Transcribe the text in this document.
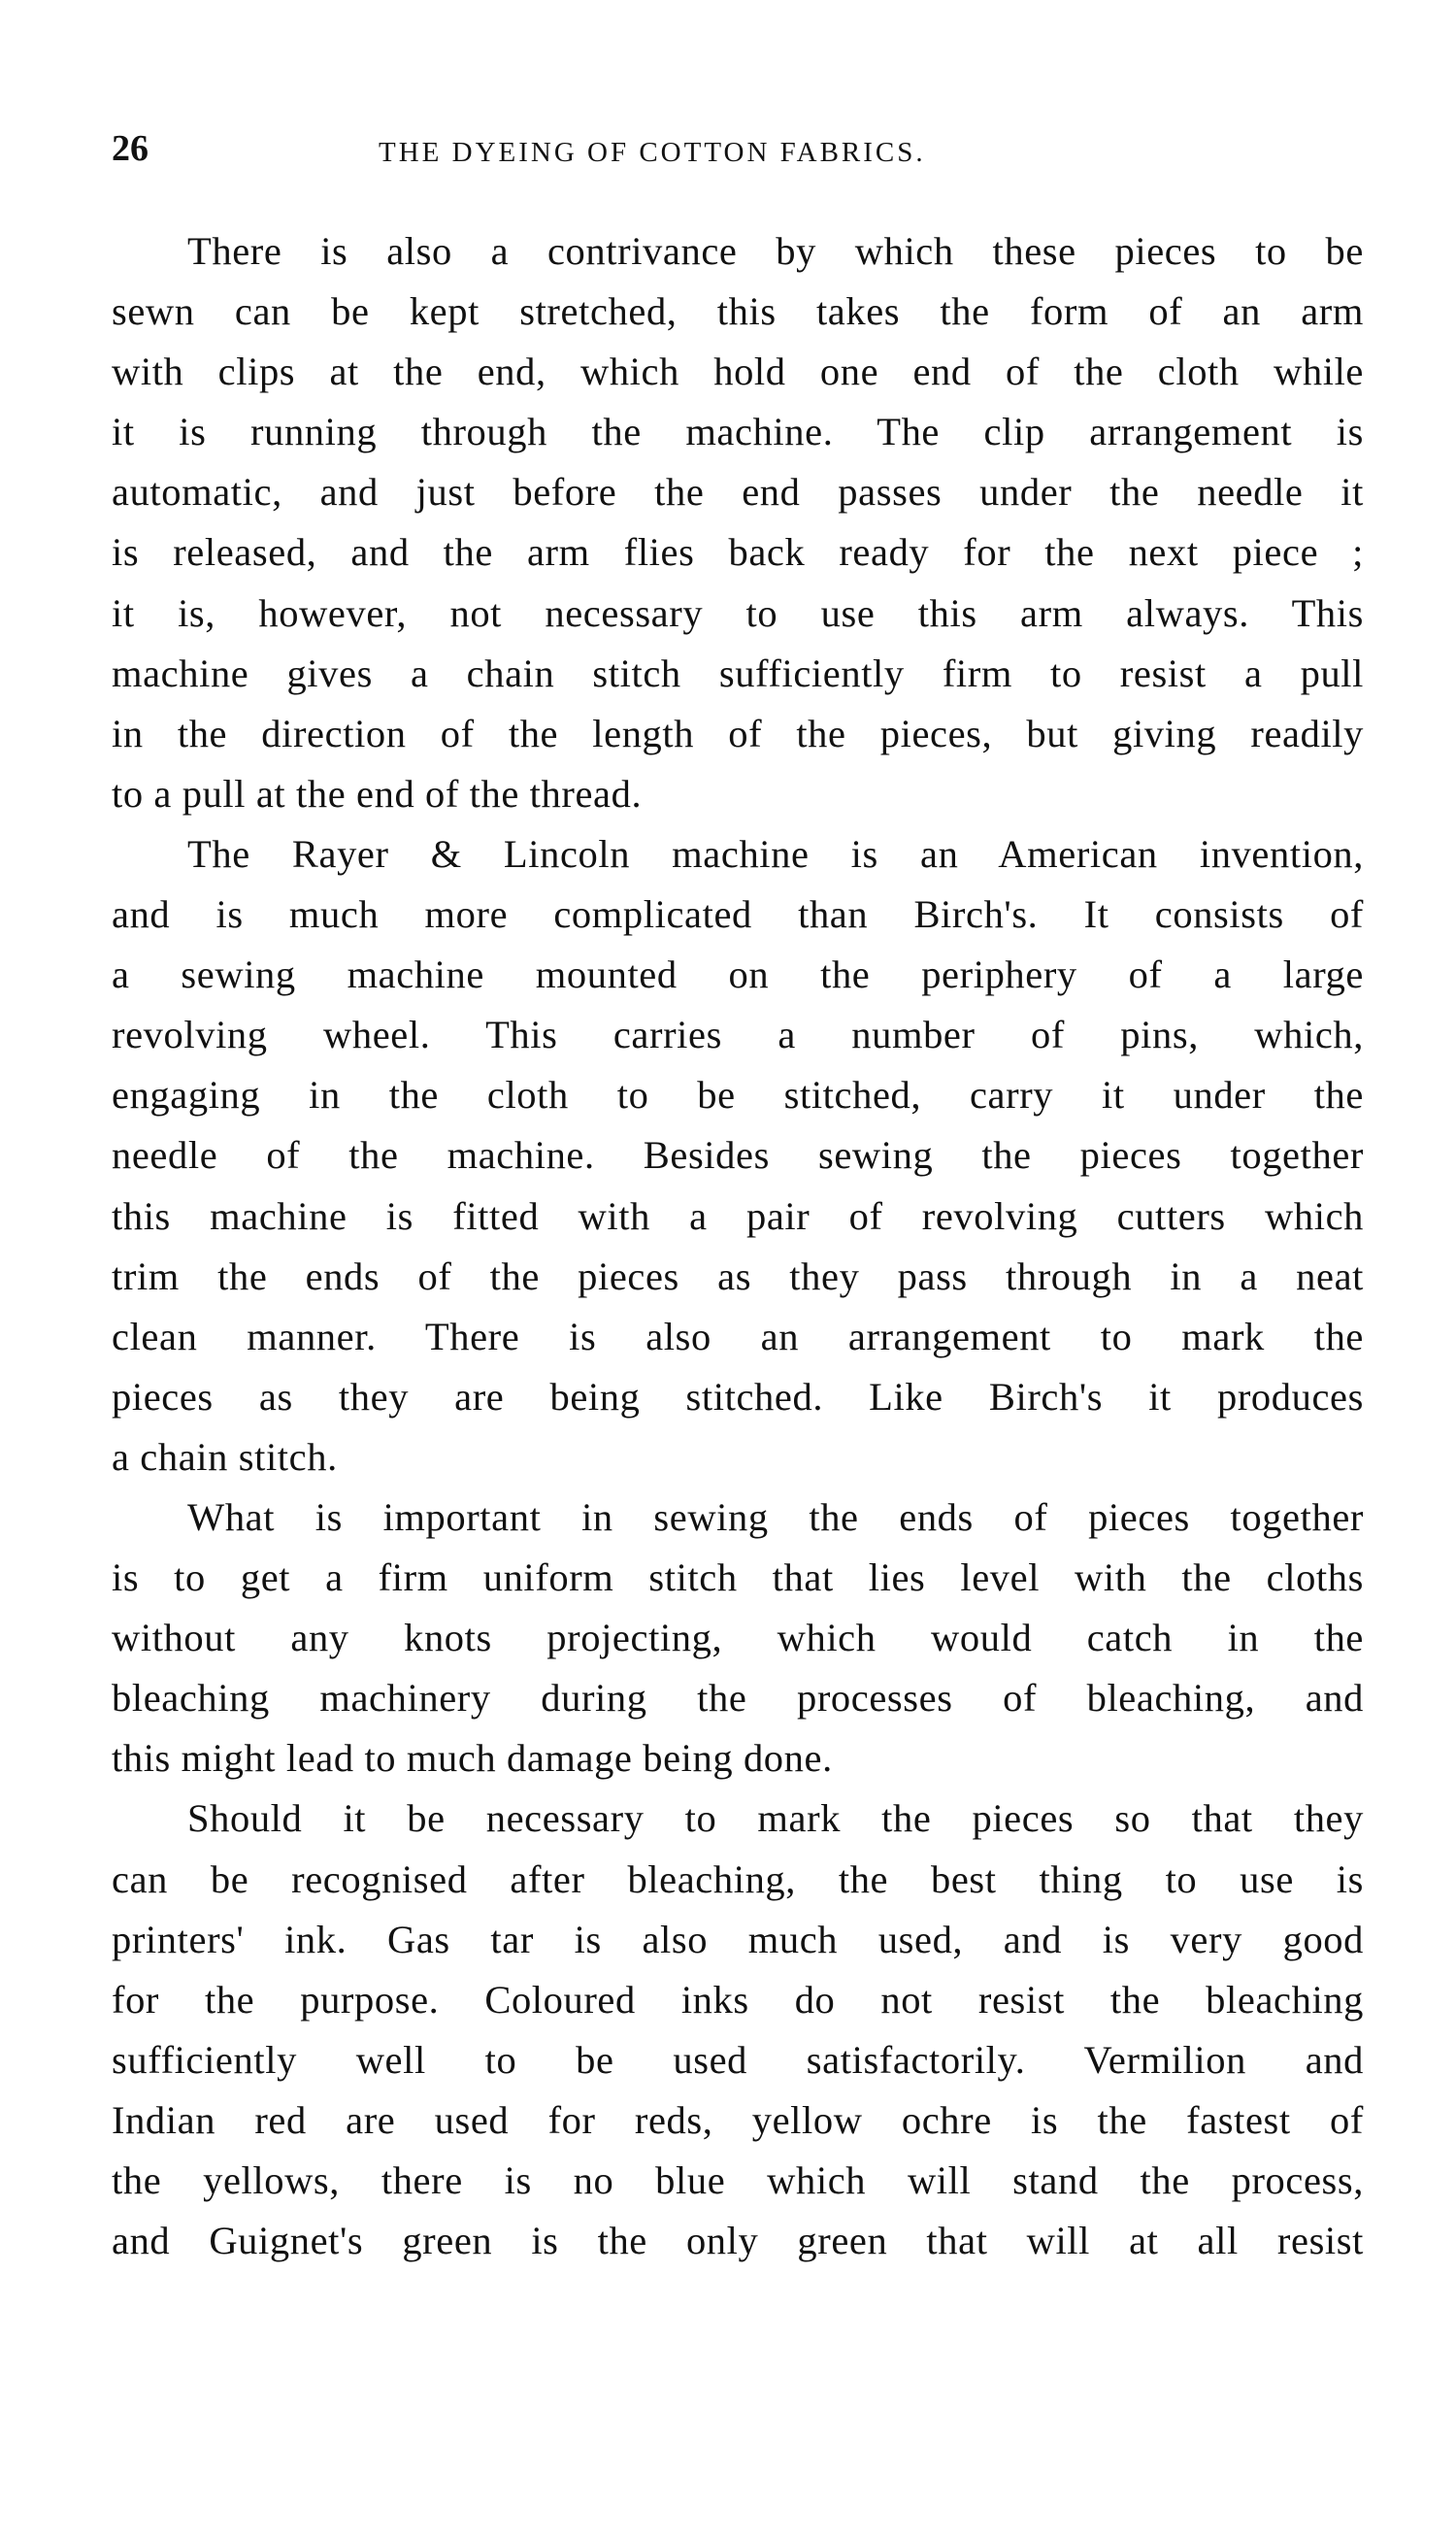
26	THE DYEING OF COTTON FABRICS.
There is also a contrivance by which these pieces to be
sewn can be kept stretched, this takes the form of an arm
with clips at the end, which hold one end of the cloth while
it is running through the machine. The clip arrangement is
automatic, and just before the end passes under the needle it
is released, and the arm flies back ready for the next piece ;
it is, however, not necessary to use this arm always. This
machine gives a chain stitch sufficiently firm to resist a pull
in the direction of the length of the pieces, but giving readily
to a pull at the end of the thread.
The Rayer & Lincoln machine is an American invention,
and is much more complicated than Birch's. It consists of
a sewing machine mounted on the periphery of a large
revolving wheel. This carries a number of pins, which,
engaging in the cloth to be stitched, carry it under the
needle of the machine. Besides sewing the pieces together
this machine is fitted with a pair of revolving cutters which
trim the ends of the pieces as they pass through in a neat
clean manner. There is also an arrangement to mark the
pieces as they are being stitched. Like Birch's it produces
a chain stitch.
What is important in sewing the ends of pieces together
is to get a firm uniform stitch that lies level with the cloths
without any knots projecting, which would catch in the
bleaching machinery during the processes of bleaching, and
this might lead to much damage being done.
Should it be necessary to mark the pieces so that they
can be recognised after bleaching, the best thing to use is
printers' ink. Gas tar is also much used, and is very good
for the purpose. Coloured inks do not resist the bleaching
sufficiently well to be used satisfactorily. Vermilion and
Indian red are used for reds, yellow ochre is the fastest of
the yellows, there is no blue which will stand the process,
and Guignet's green is the only green that will at all resist
